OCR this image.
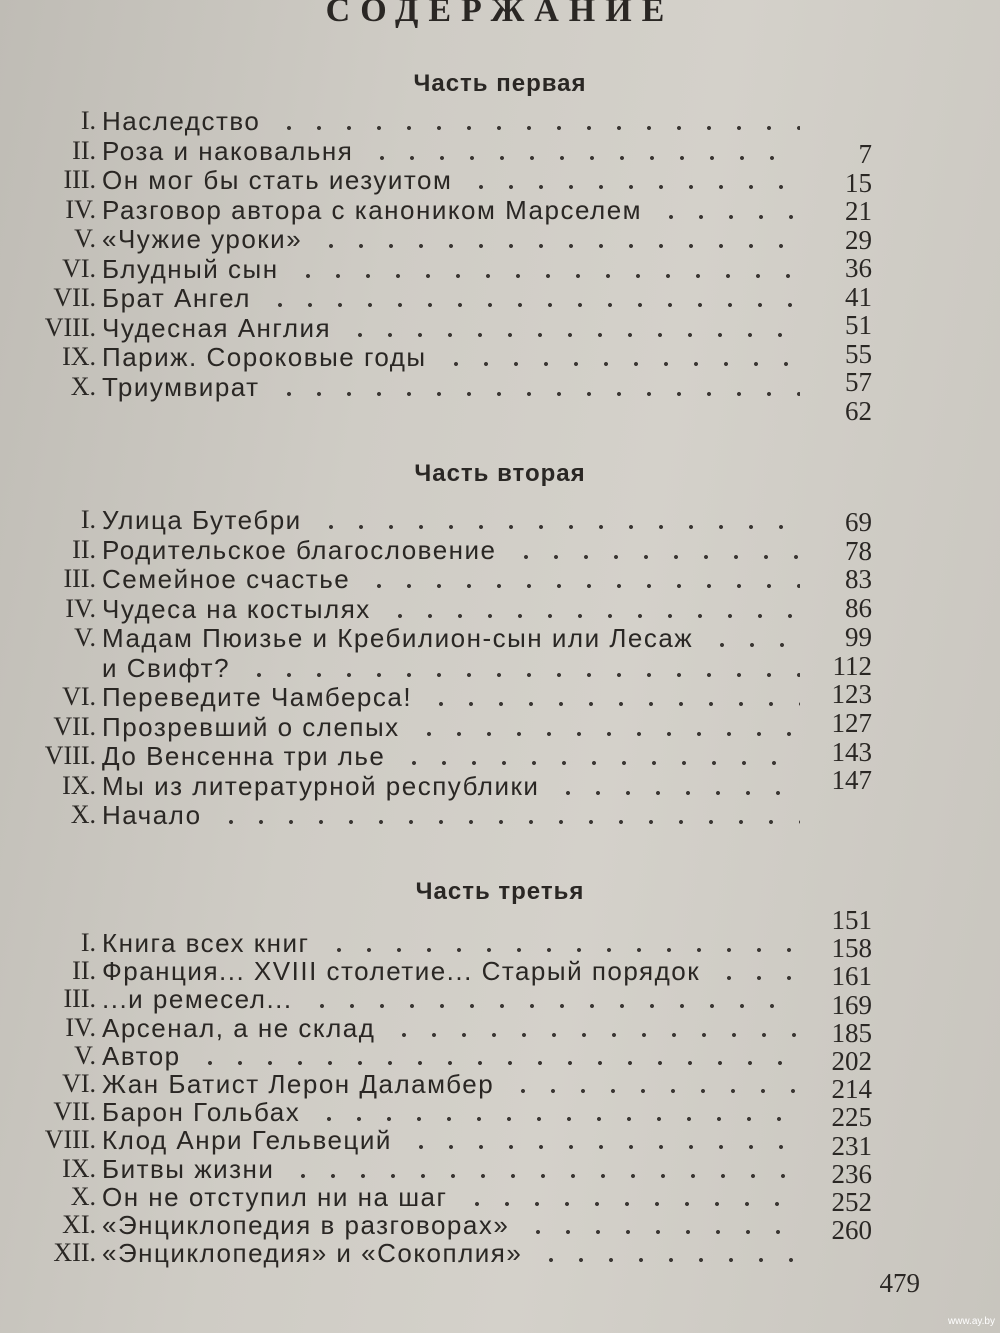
СОДЕРЖАНИЕ
Часть первая
Часть вторая
Часть третья
I. Наследство
II. Роза и наковальня
III. Он мог бы стать иезуитом
IV. Разговор автора с каноником Марселем
V. «Чужие уроки»
VI. Блудный сын
VII. Брат Ангел
VIII. Чудесная Англия
IX. Париж. Сороковые годы
X. Триумвират
7
15
21
29
36
41
51
55
57
62
I. Улица Бутебри
II. Родительское благословение
III. Семейное счастье
IV. Чудеса на костылях
V. Мадам Пюизье и Кребилион-сын или Лесаж
и Свифт?
VI. Переведите Чамберса!
VII. Прозревший о слепых
VIII. До Венсенна три лье
IX. Мы из литературной республики
X. Начало
69
78
83
86
99
112
123
127
143
147
I. Книга всех книг
II. Франция... XVIII столетие... Старый порядок
III. ...и ремесел...
IV. Арсенал, а не склад
V. Автор
VI. Жан Батист Лерон Даламбер
VII. Барон Гольбах
VIII. Клод Анри Гельвеций
IX. Битвы жизни
X. Он не отступил ни на шаг
XI. «Энциклопедия в разговорах»
XII. «Энциклопедия» и «Сокоплия»
151
158
161
169
185
202
214
225
231
236
252
260
479
www.ay.by
